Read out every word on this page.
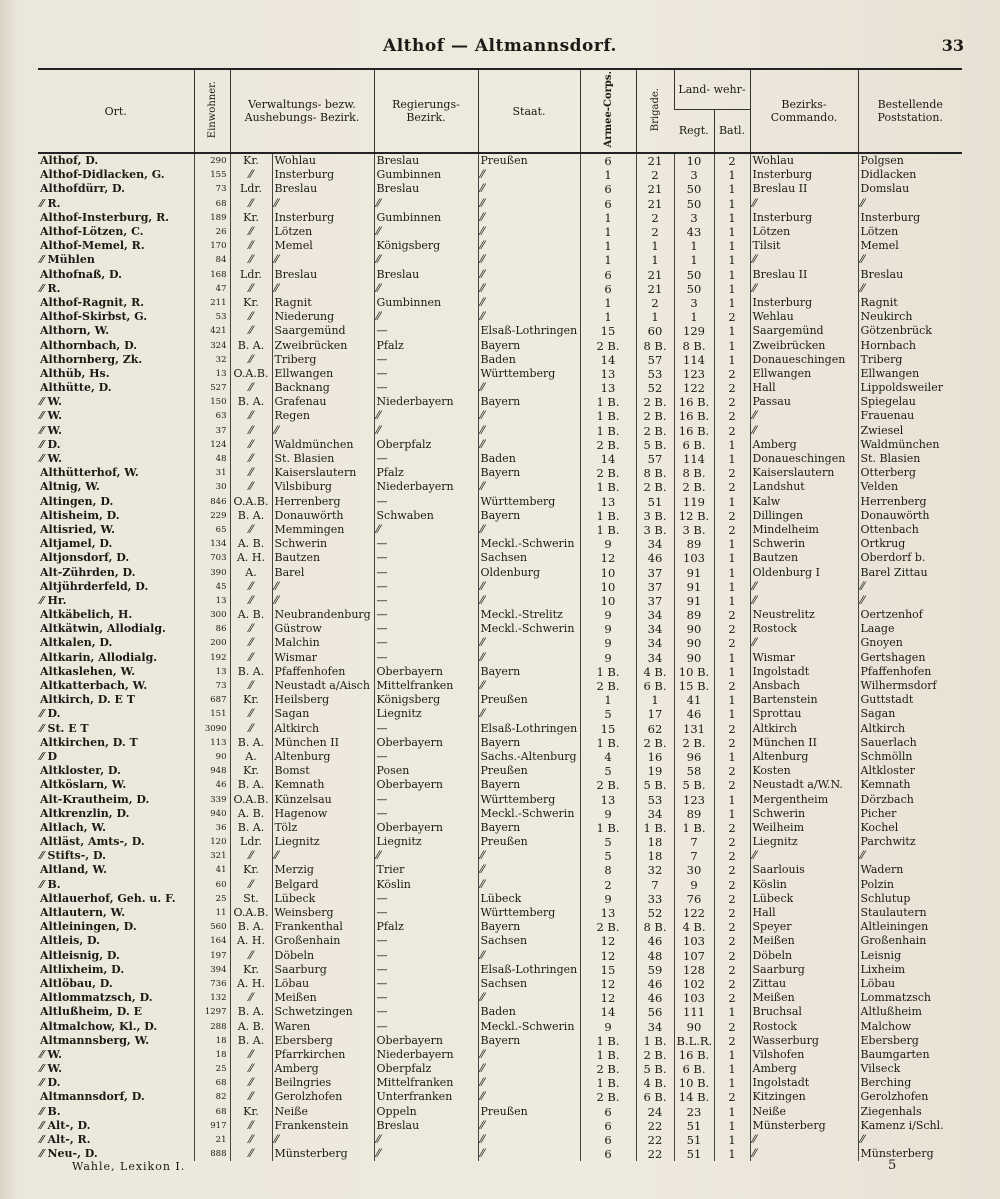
Althof — Altmannsdorf.	33
Ort.	Einwohner.	Verwaltungs- bezw. Aushebungs- Bezirk.		Regierungs- Bezirk.	Staat.	Armee-Corps.	Brigade.	Land- wehr-		Bezirks- Commando.	Bestellende Poststation.
								Regt.	Batl.		
Althof, D.	290	Kr.	Wohlau	Breslau	Preußen	6	21	10	2	Wohlau	Polgsen
Althof-Didlacken, G.	155	⁄⁄	Insterburg	Gumbinnen	⁄⁄	1	2	3	1	Insterburg	Didlacken
Althofdürr, D.	73	Ldr.	Breslau	Breslau	⁄⁄	6	21	50	1	Breslau II	Domslau
⁄⁄ R.	68	⁄⁄	⁄⁄	⁄⁄	⁄⁄	6	21	50	1	⁄⁄	⁄⁄
Althof-Insterburg, R.	189	Kr.	Insterburg	Gumbinnen	⁄⁄	1	2	3	1	Insterburg	Insterburg
Althof-Lötzen, C.	26	⁄⁄	Lötzen	⁄⁄	⁄⁄	1	2	43	1	Lötzen	Lötzen
Althof-Memel, R.	170	⁄⁄	Memel	Königsberg	⁄⁄	1	1	1	1	Tilsit	Memel
⁄⁄ Mühlen	84	⁄⁄	⁄⁄	⁄⁄	⁄⁄	1	1	1	1	⁄⁄	⁄⁄
Althofnaß, D.	168	Ldr.	Breslau	Breslau	⁄⁄	6	21	50	1	Breslau II	Breslau
⁄⁄ R.	47	⁄⁄	⁄⁄	⁄⁄	⁄⁄	6	21	50	1	⁄⁄	⁄⁄
Althof-Ragnit, R.	211	Kr.	Ragnit	Gumbinnen	⁄⁄	1	2	3	1	Insterburg	Ragnit
Althof-Skirbst, G.	53	⁄⁄	Niederung	⁄⁄	⁄⁄	1	1	1	2	Wehlau	Neukirch
Althorn, W.	421	⁄⁄	Saargemünd	—	Elsaß-Lothringen	15	60	129	1	Saargemünd	Götzenbrück
Althornbach, D.	324	B. A.	Zweibrücken	Pfalz	Bayern	2 B.	8 B.	8 B.	1	Zweibrücken	Hornbach
Althornberg, Zk.	32	⁄⁄	Triberg	—	Baden	14	57	114	1	Donaueschingen	Triberg
Althüb, Hs.	13	O.A.B.	Ellwangen	—	Württemberg	13	53	123	2	Ellwangen	Ellwangen
Althütte, D.	527	⁄⁄	Backnang	—	⁄⁄	13	52	122	2	Hall	Lippoldsweiler
⁄⁄ W.	150	B. A.	Grafenau	Niederbayern	Bayern	1 B.	2 B.	16 B.	2	Passau	Spiegelau
⁄⁄ W.	63	⁄⁄	Regen	⁄⁄	⁄⁄	1 B.	2 B.	16 B.	2	⁄⁄	Frauenau
⁄⁄ W.	37	⁄⁄	⁄⁄	⁄⁄	⁄⁄	1 B.	2 B.	16 B.	2	⁄⁄	Zwiesel
⁄⁄ D.	124	⁄⁄	Waldmünchen	Oberpfalz	⁄⁄	2 B.	5 B.	6 B.	1	Amberg	Waldmünchen
⁄⁄ W.	48	⁄⁄	St. Blasien	—	Baden	14	57	114	1	Donaueschingen	St. Blasien
Althütterhof, W.	31	⁄⁄	Kaiserslautern	Pfalz	Bayern	2 B.	8 B.	8 B.	2	Kaiserslautern	Otterberg
Altnig, W.	30	⁄⁄	Vilsbiburg	Niederbayern	⁄⁄	1 B.	2 B.	2 B.	2	Landshut	Velden
Altingen, D.	846	O.A.B.	Herrenberg	—	Württemberg	13	51	119	1	Kalw	Herrenberg
Altisheim, D.	229	B. A.	Donauwörth	Schwaben	Bayern	1 B.	3 B.	12 B.	2	Dillingen	Donauwörth
Altisried, W.	65	⁄⁄	Memmingen	⁄⁄	⁄⁄	1 B.	3 B.	3 B.	2	Mindelheim	Ottenbach
Altjamel, D.	134	A. B.	Schwerin	—	Meckl.-Schwerin	9	34	89	1	Schwerin	Ortkrug
Altjonsdorf, D.	703	A. H.	Bautzen	—	Sachsen	12	46	103	1	Bautzen	Oberdorf b.
Alt-Zührden, D.	390	A.	Barel	—	Oldenburg	10	37	91	1	Oldenburg I	Barel Zittau
Altjührderfeld, D.	45	⁄⁄	⁄⁄	—	⁄⁄	10	37	91	1	⁄⁄	⁄⁄
⁄⁄ Hr.	13	⁄⁄	⁄⁄	—	⁄⁄	10	37	91	1	⁄⁄	⁄⁄
Altkäbelich, H.	300	A. B.	Neubrandenburg	—	Meckl.-Strelitz	9	34	89	2	Neustrelitz	Oertzenhof
Altkätwin, Allodialg.	86	⁄⁄	Güstrow	—	Meckl.-Schwerin	9	34	90	2	Rostock	Laage
Altkalen, D.	200	⁄⁄	Malchin	—	⁄⁄	9	34	90	2	⁄⁄	Gnoyen
Altkarin, Allodialg.	192	⁄⁄	Wismar	—	⁄⁄	9	34	90	1	Wismar	Gertshagen
Altkaslehen, W.	13	B. A.	Pfaffenhofen	Oberbayern	Bayern	1 B.	4 B.	10 B.	1	Ingolstadt	Pfaffenhofen
Altkatterbach, W.	73	⁄⁄	Neustadt a/Aisch	Mittelfranken	⁄⁄	2 B.	6 B.	15 B.	2	Ansbach	Wilhermsdorf
Altkirch, D. E T	687	Kr.	Heilsberg	Königsberg	Preußen	1	1	41	1	Bartenstein	Guttstadt
⁄⁄ D.	151	⁄⁄	Sagan	Liegnitz	⁄⁄	5	17	46	1	Sprottau	Sagan
⁄⁄ St. E T	3090	⁄⁄	Altkirch	—	Elsaß-Lothringen	15	62	131	2	Altkirch	Altkirch
Altkirchen, D. T	113	B. A.	München II	Oberbayern	Bayern	1 B.	2 B.	2 B.	2	München II	Sauerlach
⁄⁄ D	90	A.	Altenburg	—	Sachs.-Altenburg	4	16	96	1	Altenburg	Schmölln
Altkloster, D.	948	Kr.	Bomst	Posen	Preußen	5	19	58	2	Kosten	Altkloster
Altköslarn, W.	46	B. A.	Kemnath	Oberbayern	Bayern	2 B.	5 B.	5 B.	2	Neustadt a/W.N.	Kemnath
Alt-Krautheim, D.	339	O.A.B.	Künzelsau	—	Württemberg	13	53	123	1	Mergentheim	Dörzbach
Altkrenzlin, D.	940	A. B.	Hagenow	—	Meckl.-Schwerin	9	34	89	1	Schwerin	Picher
Altlach, W.	36	B. A.	Tölz	Oberbayern	Bayern	1 B.	1 B.	1 B.	2	Weilheim	Kochel
Altläst, Amts-, D.	120	Ldr.	Liegnitz	Liegnitz	Preußen	5	18	7	2	Liegnitz	Parchwitz
⁄⁄ Stifts-, D.	321	⁄⁄	⁄⁄	⁄⁄	⁄⁄	5	18	7	2	⁄⁄	⁄⁄
Altland, W.	41	Kr.	Merzig	Trier	⁄⁄	8	32	30	2	Saarlouis	Wadern
⁄⁄ B.	60	⁄⁄	Belgard	Köslin	⁄⁄	2	7	9	2	Köslin	Polzin
Altlauerhof, Geh. u. F.	25	St.	Lübeck	—	Lübeck	9	33	76	2	Lübeck	Schlutup
Altlautern, W.	11	O.A.B.	Weinsberg	—	Württemberg	13	52	122	2	Hall	Staulautern
Altleiningen, D.	560	B. A.	Frankenthal	Pfalz	Bayern	2 B.	8 B.	4 B.	2	Speyer	Altleiningen
Altleis, D.	164	A. H.	Großenhain	—	Sachsen	12	46	103	2	Meißen	Großenhain
Altleisnig, D.	197	⁄⁄	Döbeln	—	⁄⁄	12	48	107	2	Döbeln	Leisnig
Altlixheim, D.	394	Kr.	Saarburg	—	Elsaß-Lothringen	15	59	128	2	Saarburg	Lixheim
Altlöbau, D.	736	A. H.	Löbau	—	Sachsen	12	46	102	2	Zittau	Löbau
Altlommatzsch, D.	132	⁄⁄	Meißen	—	⁄⁄	12	46	103	2	Meißen	Lommatzsch
Altlußheim, D. E	1297	B. A.	Schwetzingen	—	Baden	14	56	111	1	Bruchsal	Altlußheim
Altmalchow, Kl., D.	288	A. B.	Waren	—	Meckl.-Schwerin	9	34	90	2	Rostock	Malchow
Altmannsberg, W.	18	B. A.	Ebersberg	Oberbayern	Bayern	1 B.	1 B.	B.L.R.	2	Wasserburg	Ebersberg
⁄⁄ W.	18	⁄⁄	Pfarrkirchen	Niederbayern	⁄⁄	1 B.	2 B.	16 B.	1	Vilshofen	Baumgarten
⁄⁄ W.	25	⁄⁄	Amberg	Oberpfalz	⁄⁄	2 B.	5 B.	6 B.	1	Amberg	Vilseck
⁄⁄ D.	68	⁄⁄	Beilngries	Mittelfranken	⁄⁄	1 B.	4 B.	10 B.	1	Ingolstadt	Berching
Altmannsdorf, D.	82	⁄⁄	Gerolzhofen	Unterfranken	⁄⁄	2 B.	6 B.	14 B.	2	Kitzingen	Gerolzhofen
⁄⁄ B.	68	Kr.	Neiße	Oppeln	Preußen	6	24	23	1	Neiße	Ziegenhals
⁄⁄ Alt-, D.	917	⁄⁄	Frankenstein	Breslau	⁄⁄	6	22	51	1	Münsterberg	Kamenz i/Schl.
⁄⁄ Alt-, R.	21	⁄⁄	⁄⁄	⁄⁄	⁄⁄	6	22	51	1	⁄⁄	⁄⁄
⁄⁄ Neu-, D.	888	⁄⁄	Münsterberg	⁄⁄	⁄⁄	6	22	51	1	⁄⁄	Münsterberg
Wahle, Lexikon I.	5
